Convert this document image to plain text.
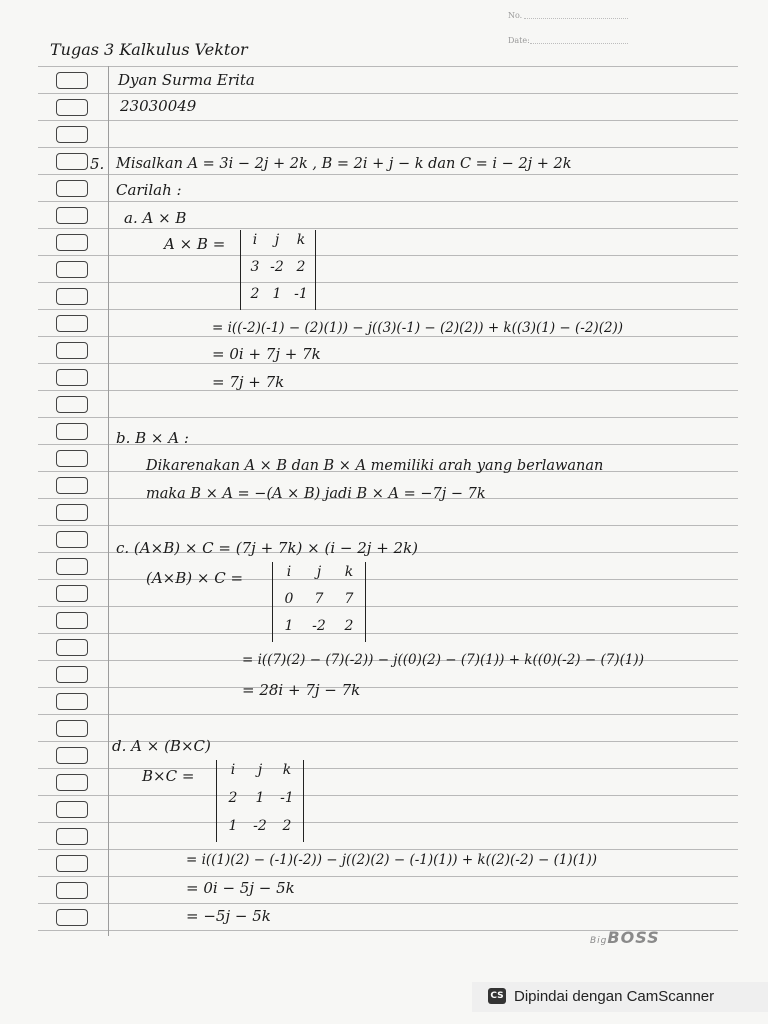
No.
Date:
Tugas 3 Kalkulus Vektor
Dyan Surma Erita
23030049
5. Misalkan A = 3i − 2j + 2k , B = 2i + j − k dan C = i − 2j + 2k
Carilah :
a. A × B
A × B =	i	j	k
3 -2 2
2 1 -1
= i((-2)(-1) − (2)(1)) − j((3)(-1) − (2)(2)) + k((3)(1) − (-2)(2))
= 0i + 7j + 7k
= 7j + 7k
b. B × A :
Dikarenakan A × B dan B × A memiliki arah yang berlawanan
maka B × A = −(A × B) jadi B × A = −7j − 7k
c. (A×B) × C = (7j + 7k) × (i − 2j + 2k)
(A×B) × C =	i	j	k
0	7	7
1	-2	2
= i((7)(2) − (7)(-2)) − j((0)(2) − (7)(1)) + k((0)(-2) − (7)(1))
= 28i + 7j − 7k
d. A × (B×C)
B×C =	i	j	k
2	1	-1
1	-2	2
= i((1)(2) − (-1)(-2)) − j((2)(2) − (-1)(1)) + k((2)(-2) − (1)(1))
= 0i − 5j − 5k
= −5j − 5k
BigBOSS
CS Dipindai dengan CamScanner
